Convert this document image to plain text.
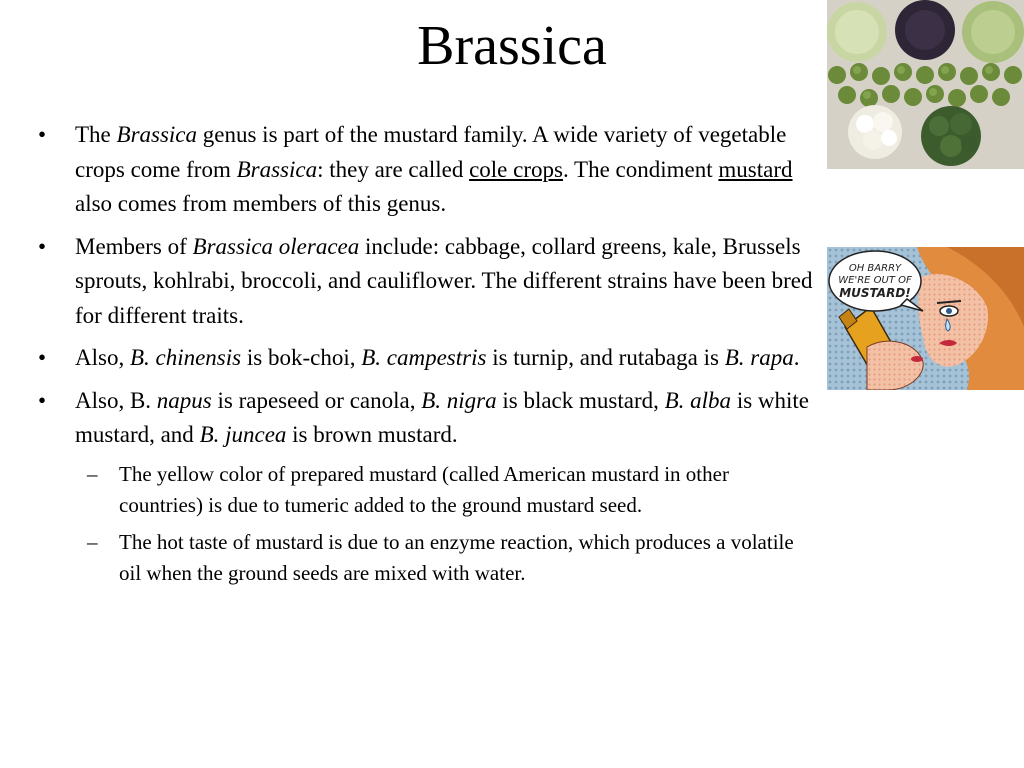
Brassica
•	The Brassica genus is part of the mustard family. A wide variety of vegetable crops come from Brassica: they are called cole crops. The condiment mustard also comes from members of this genus.
•	Members of Brassica oleracea include: cabbage, collard greens, kale, Brussels sprouts, kohlrabi, broccoli, and cauliflower. The different strains have been bred for different traits.
•	Also, B. chinensis is bok-choi, B. campestris is turnip, and rutabaga is B. rapa.
•	Also, B. napus is rapeseed or canola, B. nigra is black mustard, B. alba is white mustard, and B. juncea is brown mustard.
– The yellow color of prepared mustard (called American mustard in other countries) is due to tumeric added to the ground mustard seed.
– The hot taste of mustard is due to an enzyme reaction, which produces a volatile oil when the ground seeds are mixed with water.
OH BARRY
WE'RE OUT OF
MUSTARD!
